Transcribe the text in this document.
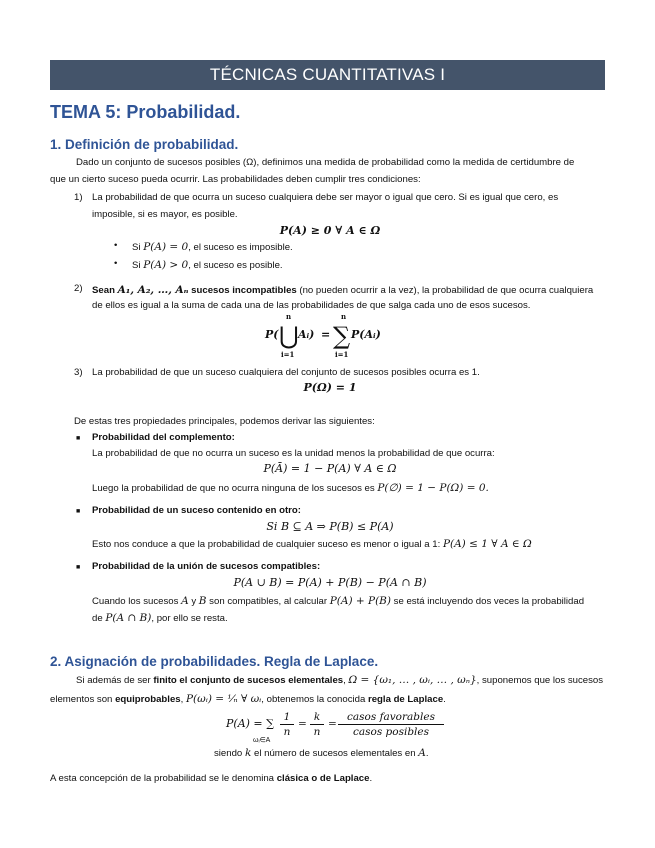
TÉCNICAS CUANTITATIVAS I
TEMA 5: Probabilidad.
1. Definición de probabilidad.
Dado un conjunto de sucesos posibles (Ω), definimos una medida de probabilidad como la medida de certidumbre de
que un cierto suceso pueda ocurrir. Las probabilidades deben cumplir tres condiciones:
1) La probabilidad de que ocurra un suceso cualquiera debe ser mayor o igual que cero. Si es igual que cero, es
imposible, si es mayor, es posible.
P(A) ≥ 0 ∀ A ∈ Ω
• Si P(A) = 0, el suceso es imposible.
• Si P(A) > 0, el suceso es posible.
2) Sean A₁, A₂, …, Aₙ sucesos incompatibles (no pueden ocurrir a la vez), la probabilidad de que ocurra cualquiera
de ellos es igual a la suma de cada una de las probabilidades de que salga cada uno de esos sucesos.
P( ⋃
n
i=1
Aᵢ) = ∑
n
i=1
P(Aᵢ)
3) La probabilidad de que un suceso cualquiera del conjunto de sucesos posibles ocurra es 1.
P(Ω) = 1
De estas tres propiedades principales, podemos derivar las siguientes:
■ Probabilidad del complemento:
La probabilidad de que no ocurra un suceso es la unidad menos la probabilidad de que ocurra:
P(Ā) = 1 − P(A) ∀ A ∈ Ω
Luego la probabilidad de que no ocurra ninguna de los sucesos es P(∅) = 1 − P(Ω) = 0.
■ Probabilidad de un suceso contenido en otro:
Si B ⊆ A ⇒ P(B) ≤ P(A)
Esto nos conduce a que la probabilidad de cualquier suceso es menor o igual a 1: P(A) ≤ 1 ∀ A ∈ Ω
■ Probabilidad de la unión de sucesos compatibles:
P(A ∪ B) = P(A) + P(B) − P(A ∩ B)
Cuando los sucesos A y B son compatibles, al calcular P(A) + P(B) se está incluyendo dos veces la probabilidad
de P(A ∩ B), por ello se resta.
2. Asignación de probabilidades. Regla de Laplace.
Si además de ser finito el conjunto de sucesos elementales, Ω = {ω₁, … , ωᵢ, … , ωₙ}, suponemos que los sucesos
elementos son equiprobables, P(ωᵢ) = ¹⁄ₙ ∀ ωᵢ, obtenemos la conocida regla de Laplace.
P(A) = ∑
ωᵢ∈A
$\frac{1}{n} = \frac{k}{n}$ =
casos favorables
casos posibles
siendo k el número de sucesos elementales en A.
A esta concepción de la probabilidad se le denomina clásica o de Laplace.
